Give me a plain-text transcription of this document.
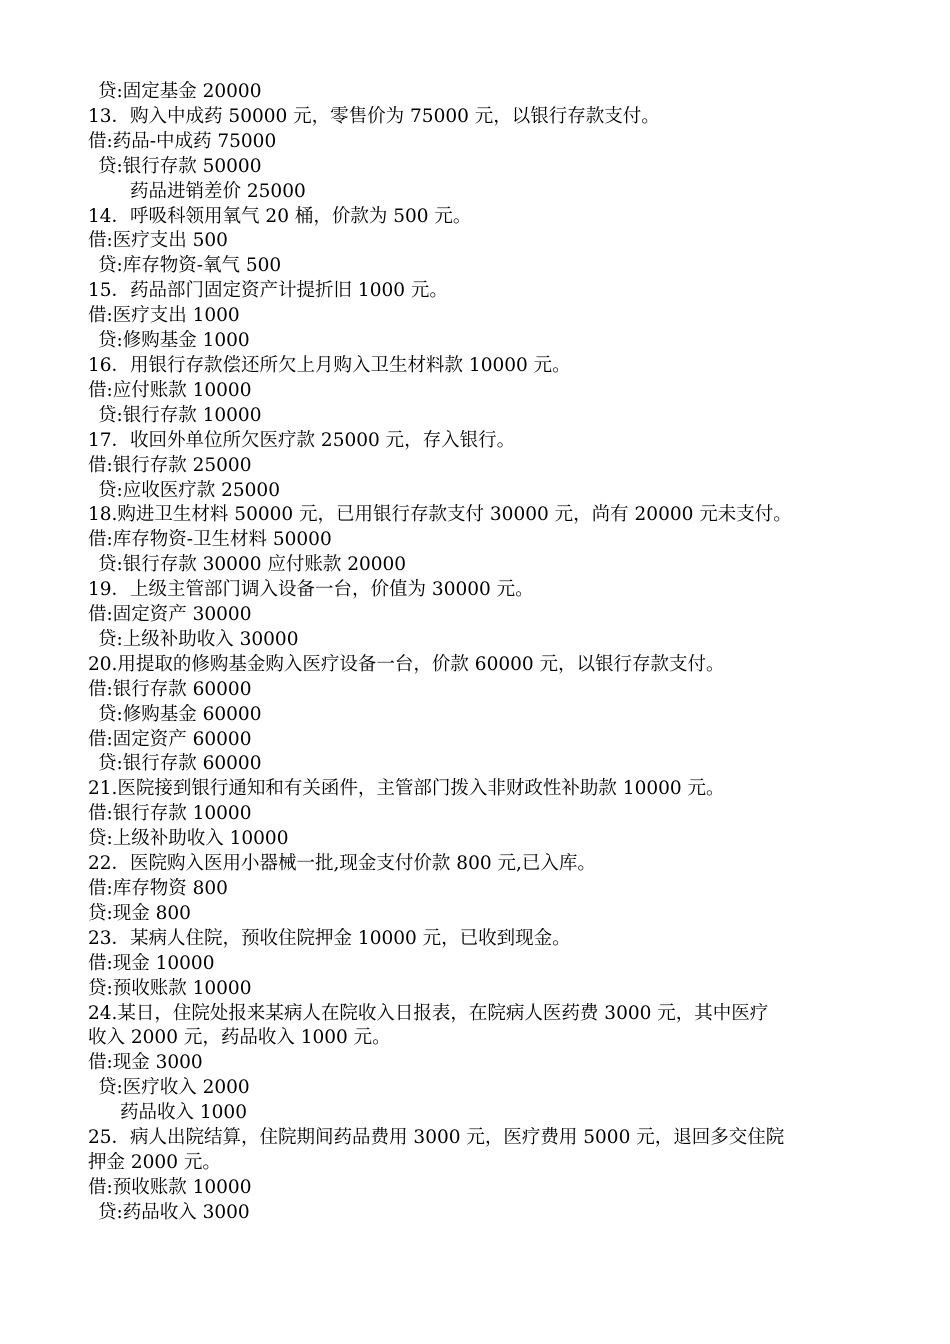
贷:固定基金 20000
13．购入中成药 50000 元，零售价为 75000 元，以银行存款支付。
借:药品-中成药 75000
贷:银行存款 50000
药品进销差价 25000
14．呼吸科领用氧气 20 桶，价款为 500 元。
借:医疗支出 500
贷:库存物资-氧气 500
15．药品部门固定资产计提折旧 1000 元。
借:医疗支出 1000
贷:修购基金 1000
16．用银行存款偿还所欠上月购入卫生材料款 10000 元。
借:应付账款 10000
贷:银行存款 10000
17．收回外单位所欠医疗款 25000 元，存入银行。
借:银行存款 25000
贷:应收医疗款 25000
18.购进卫生材料 50000 元，已用银行存款支付 30000 元，尚有 20000 元未支付。
借:库存物资-卫生材料 50000
贷:银行存款 30000 应付账款 20000
19．上级主管部门调入设备一台，价值为 30000 元。
借:固定资产 30000
贷:上级补助收入 30000
20.用提取的修购基金购入医疗设备一台，价款 60000 元，以银行存款支付。
借:银行存款 60000
贷:修购基金 60000
借:固定资产 60000
贷:银行存款 60000
21.医院接到银行通知和有关函件，主管部门拨入非财政性补助款 10000 元。
借:银行存款 10000
贷:上级补助收入 10000
22．医院购入医用小器械一批,现金支付价款 800 元,已入库。
借:库存物资 800
贷:现金 800
23．某病人住院，预收住院押金 10000 元，已收到现金。
借:现金 10000
贷:预收账款 10000
24.某日，住院处报来某病人在院收入日报表，在院病人医药费 3000 元，其中医疗
收入 2000 元，药品收入 1000 元。
借:现金 3000
贷:医疗收入 2000
药品收入 1000
25．病人出院结算，住院期间药品费用 3000 元，医疗费用 5000 元，退回多交住院
押金 2000 元。
借:预收账款 10000
贷:药品收入 3000
